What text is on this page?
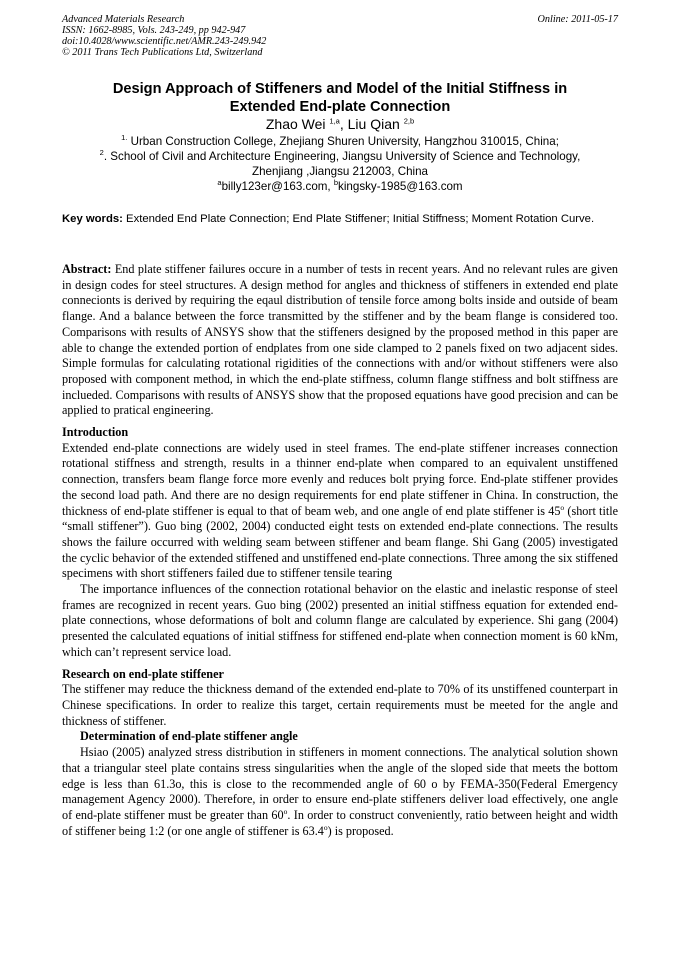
Advanced Materials Research	Online: 2011-05-17
ISSN: 1662-8985, Vols. 243-249, pp 942-947
doi:10.4028/www.scientific.net/AMR.243-249.942
© 2011 Trans Tech Publications Ltd, Switzerland
Design Approach of Stiffeners and Model of the Initial Stiffness in
Extended End-plate Connection
Zhao Wei $^{1,a}$, Liu Qian $^{2,b}$
$^{1.}$ Urban Construction College, Zhejiang Shuren University, Hangzhou 310015, China;
$^2$. School of Civil and Architecture Engineering, Jiangsu University of Science and Technology,
Zhenjiang ,Jiangsu 212003, China
$^a$billy123er@163.com, $^b$kingsky-1985@163.com
Key words: Extended End Plate Connection; End Plate Stiffener; Initial Stiffness; Moment Rotation Curve.

Abstract: End plate stiffener failures occure in a number of tests in recent years. And no relevant rules are given in design codes for steel structures. A design method for angles and thickness of stiffeners in extended end plate connecionts is derived by requiring the eqaul distribution of tensile force among bolts inside and outside of beam flange. And a balance between the force transmitted by the stiffener and by the beam flange is considered too. Comparisons with results of ANSYS show that the stiffeners designed by the proposed method in this paper are able to change the extended portion of endplates from one side clamped to 2 panels fixed on two adjacent sides. Simple formulas for calculating rotational rigidities of the connections with and/or without stiffeners were also proposed with component method, in which the end-plate stiffness, column flange stiffness and bolt stiffness are inclueded. Comparisons with results of ANSYS show that the proposed equations have good precision and can be applied to pratical engineering.

Introduction

Extended end-plate connections are widely used in steel frames. The end-plate stiffener increases connection rotational stiffness and strength, results in a thinner end-plate when compared to an equivalent unstiffened connection, transfers beam flange force more evenly and reduces bolt prying force. End-plate stiffener provides the second load path. And there are no design requirements for end plate stiffener in China. In construction, the thickness of end-plate stiffener is equal to that of beam web, and one angle of end plate stiffener is 45$^o$ (short title “small stiffener”). Guo bing (2002, 2004) conducted eight tests on extended end-plate connections. The results shows the failure occurred with welding seam between stiffener and beam flange. Shi Gang (2005) investigated the cyclic behavior of the extended stiffened and unstiffened end-plate connections. Three among the six stiffened specimens with short stiffeners failed due to stiffener tensile tearing

The importance influences of the connection rotational behavior on the elastic and inelastic response of steel frames are recognized in recent years. Guo bing (2002) presented an initial stiffness equation for extended end-plate connections, whose deformations of bolt and column flange are calculated by experience. Shi gang (2004) presented the calculated equations of initial stiffness for stiffened end-plate when connection moment is 60 kNm, which can’t represent service load.

Research on end-plate stiffener

The stiffener may reduce the thickness demand of the extended end-plate to 70% of its unstiffened counterpart in Chinese specifications. In order to realize this target, certain requirements must be meeted for the angle and thickness of stiffener.

Determination of end-plate stiffener angle

Hsiao (2005) analyzed stress distribution in stiffeners in moment connections. The analytical solution shown that a triangular steel plate contains stress singularities when the angle of the sloped side that meets the bottom edge is less than 61.3o, this is close to the recommended angle of 60 o by FEMA-350(Federal Emergency management Agency 2000). Therefore, in order to ensure end-plate stiffeners deliver load effectively, one angle of end-plate stiffener must be greater than 60$^o$. In order to construct conveniently, ratio between height and width of stiffener being 1:2 (or one angle of stiffener is 63.4$^o$) is proposed.
